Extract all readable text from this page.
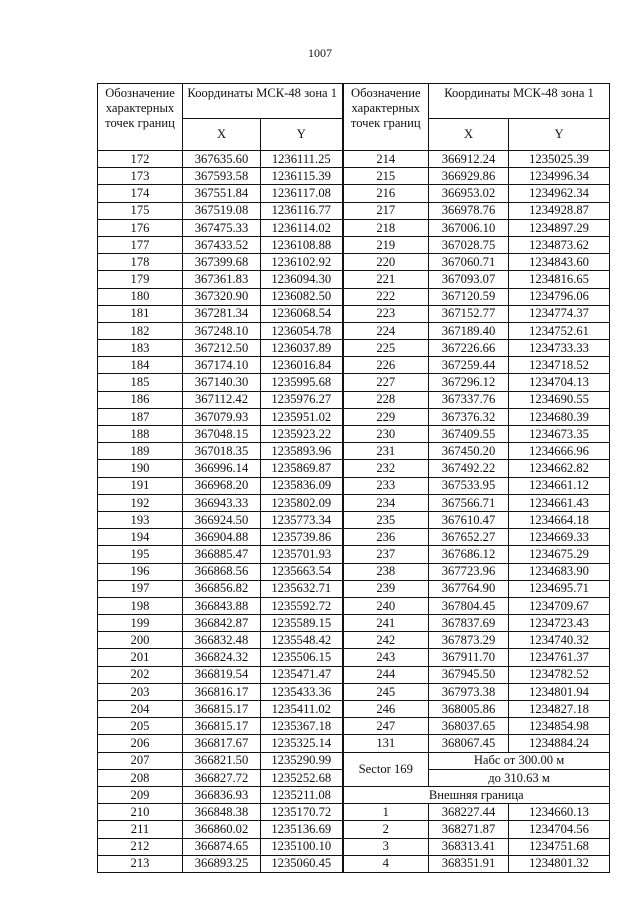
1007
Обозначение характерных точек границ	Координаты МСК-48 зона 1		Обозначение характерных точек границ	Координаты МСК-48 зона 1	
	X	Y		X	Y
172	367635.60	1236111.25	214	366912.24	1235025.39
173	367593.58	1236115.39	215	366929.86	1234996.34
174	367551.84	1236117.08	216	366953.02	1234962.34
175	367519.08	1236116.77	217	366978.76	1234928.87
176	367475.33	1236114.02	218	367006.10	1234897.29
177	367433.52	1236108.88	219	367028.75	1234873.62
178	367399.68	1236102.92	220	367060.71	1234843.60
179	367361.83	1236094.30	221	367093.07	1234816.65
180	367320.90	1236082.50	222	367120.59	1234796.06
181	367281.34	1236068.54	223	367152.77	1234774.37
182	367248.10	1236054.78	224	367189.40	1234752.61
183	367212.50	1236037.89	225	367226.66	1234733.33
184	367174.10	1236016.84	226	367259.44	1234718.52
185	367140.30	1235995.68	227	367296.12	1234704.13
186	367112.42	1235976.27	228	367337.76	1234690.55
187	367079.93	1235951.02	229	367376.32	1234680.39
188	367048.15	1235923.22	230	367409.55	1234673.35
189	367018.35	1235893.96	231	367450.20	1234666.96
190	366996.14	1235869.87	232	367492.22	1234662.82
191	366968.20	1235836.09	233	367533.95	1234661.12
192	366943.33	1235802.09	234	367566.71	1234661.43
193	366924.50	1235773.34	235	367610.47	1234664.18
194	366904.88	1235739.86	236	367652.27	1234669.33
195	366885.47	1235701.93	237	367686.12	1234675.29
196	366868.56	1235663.54	238	367723.96	1234683.90
197	366856.82	1235632.71	239	367764.90	1234695.71
198	366843.88	1235592.72	240	367804.45	1234709.67
199	366842.87	1235589.15	241	367837.69	1234723.43
200	366832.48	1235548.42	242	367873.29	1234740.32
201	366824.32	1235506.15	243	367911.70	1234761.37
202	366819.54	1235471.47	244	367945.50	1234782.52
203	366816.17	1235433.36	245	367973.38	1234801.94
204	366815.17	1235411.02	246	368005.86	1234827.18
205	366815.17	1235367.18	247	368037.65	1234854.98
206	366817.67	1235325.14	131	368067.45	1234884.24
207	366821.50	1235290.99	Sector 169	Набс от 300.00 м	
208	366827.72	1235252.68		до 310.63 м	
209	366836.93	1235211.08	Внешняя граница		
210	366848.38	1235170.72	1	368227.44	1234660.13
211	366860.02	1235136.69	2	368271.87	1234704.56
212	366874.65	1235100.10	3	368313.41	1234751.68
213	366893.25	1235060.45	4	368351.91	1234801.32
